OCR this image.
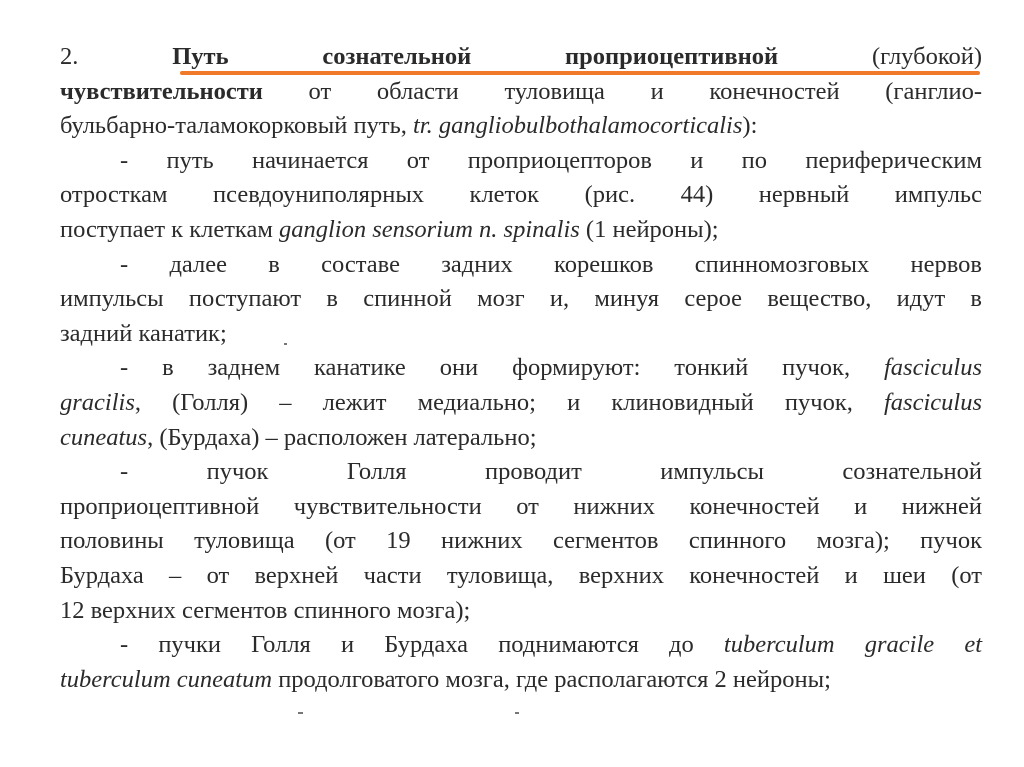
2. Путь сознательной проприоцептивной (глубокой)
чувствительности от области туловища и конечностей (ганглио-
бульбарно-таламокорковый путь, tr. gangliobulbothalamocorticalis):
- путь начинается от проприоцепторов и по периферическим
отросткам псевдоуниполярных клеток (рис. 44) нервный импульс
поступает к клеткам ganglion sensorium n. spinalis (1 нейроны);
- далее в составе задних корешков спинномозговых нервов
импульсы поступают в спинной мозг и, минуя серое вещество, идут в
задний канатик;
- в заднем канатике они формируют: тонкий пучок, fasciculus
gracilis, (Голля) – лежит медиально; и клиновидный пучок, fasciculus
cuneatus, (Бурдаха) – расположен латерально;
- пучок Голля проводит импульсы сознательной
проприоцептивной чувствительности от нижних конечностей и нижней
половины туловища (от 19 нижних сегментов спинного мозга); пучок
Бурдаха – от верхней части туловища, верхних конечностей и шеи (от
12 верхних сегментов спинного мозга);
- пучки Голля и Бурдаха поднимаются до tuberculum gracile et
tuberculum cuneatum продолговатого мозга, где располагаются 2 нейроны;
